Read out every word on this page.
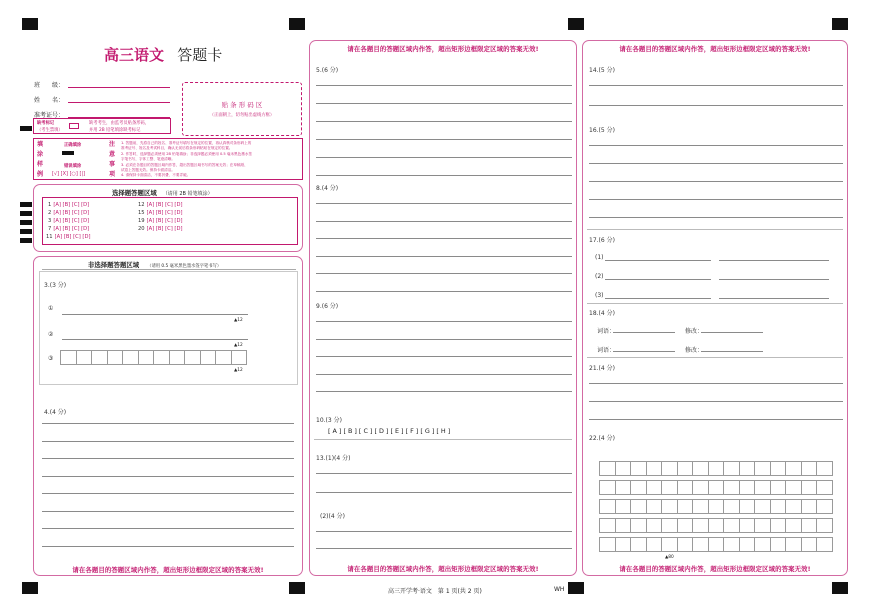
高三语文 答题卡
班　　级：
姓　　名：
准考证号：
贴 条 形 码 区
（正面朝上，切勿贴出虚线方框）
缺考标记
（考生禁填）
缺考考生，由监考员贴条形码，
并用 2B 铅笔填涂缺考标记
填
涂
样
例
正确填涂
错误填涂
[√] [X] [○] [|]
注
意
事
项
1. 答题前，先将自己的姓名、准考证号填写在规定的位置，再认真核对条形码上的
准考证号、姓名及考试科目，确认无误后将条形码粘贴在规定的位置。
2. 作答时，选择题必须使用 2B 铅笔填涂；非选择题必须使用 0.5 毫米黑色墨水签
字笔书写，字体工整、笔迹清晰。
3. 必须在各题目的答题区域内作答，超出答题区域书写的答案无效；在草稿纸、
试卷上答题无效。保持卡面清洁。
4. 请保持卡面清洁，不要折叠、不要弄破。
选择题答题区域 （请用 2B 铅笔填涂）
1 [A] [B] [C] [D]
2 [A] [B] [C] [D]
3 [A] [B] [C] [D]
7 [A] [B] [C] [D]
11 [A] [B] [C] [D]
12 [A] [B] [C] [D]
15 [A] [B] [C] [D]
19 [A] [B] [C] [D]
20 [A] [B] [C] [D]
非选择题答题区域 （请用 0.5 毫米黑色墨水签字笔书写）
3.(3 分)
①
②
③
▲12
▲12
▲12
4.(4 分)
请在各题目的答题区域内作答，超出矩形边框限定区域的答案无效!
请在各题目的答题区域内作答，超出矩形边框限定区域的答案无效!
5.(6 分)
8.(4 分)
9.(6 分)
10.(3 分)
[ A ] [ B ] [ C ] [ D ] [ E ] [ F ] [ G ] [ H ]
13.(1)(4 分)
(2)(4 分)
请在各题目的答题区域内作答，超出矩形边框限定区域的答案无效!
请在各题目的答题区域内作答，超出矩形边框限定区域的答案无效!
14.(5 分)
16.(5 分)
17.(6 分)
(1)
(2)
(3)
18.(4 分)
词语：	修改：
词语：	修改：
21.(4 分)
22.(4 分)
▲80
请在各题目的答题区域内作答，超出矩形边框限定区域的答案无效!
高三开学考·语文　第 1 页(共 2 页)	WH
